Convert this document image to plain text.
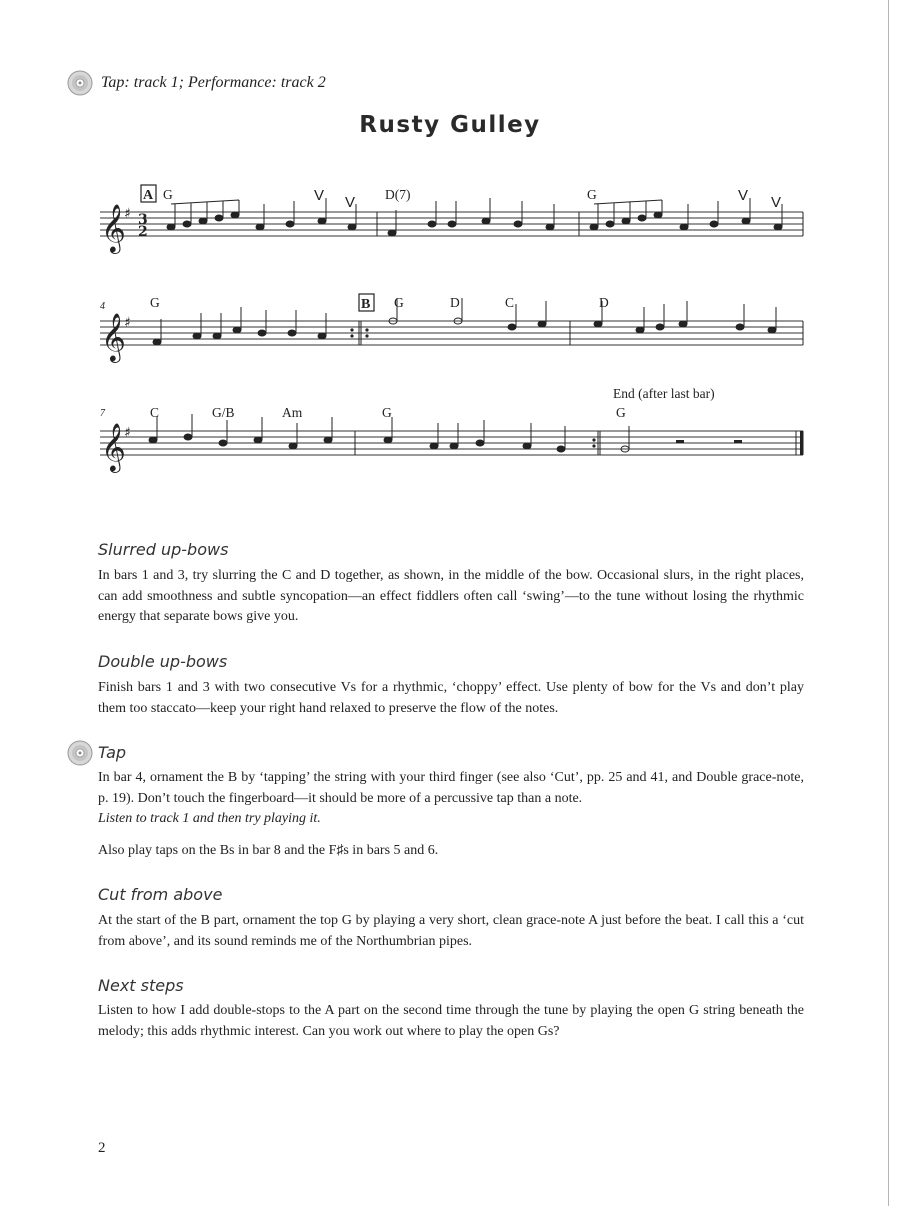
Tap: track 1; Performance: track 2
Rusty Gulley
𝄞
𝄞
𝄞
♯
♯
♯
3
2
A
B
G	D(7)	G
G	G	D	C	D
C	G/B	Am	G	G
End (after last bar)
4
7
V V	V V
Slurred up-bows

In bars 1 and 3, try slurring the C and D together, as shown, in the middle of the bow. Occasional slurs, in the right places, can add smoothness and subtle syncopation—an effect fiddlers often call ‘swing’—to the tune without losing the rhythmic energy that separate bows give you.

Double up-bows

Finish bars 1 and 3 with two consecutive Vs for a rhythmic, ‘choppy’ effect. Use plenty of bow for the Vs and don’t play them too staccato—keep your right hand relaxed to preserve the flow of the notes.

Tap

In bar 4, ornament the B by ‘tapping’ the string with your third finger (see also ‘Cut’, pp. 25 and 41, and Double grace-note, p. 19). Don’t touch the fingerboard—it should be more of a percussive tap than a note.

Listen to track 1 and then try playing it.

Also play taps on the Bs in bar 8 and the F♯s in bars 5 and 6.

Cut from above

At the start of the B part, ornament the top G by playing a very short, clean grace-note A just before the beat. I call this a ‘cut from above’, and its sound reminds me of the Northumbrian pipes.

Next steps

Listen to how I add double-stops to the A part on the second time through the tune by playing the open G string beneath the melody; this adds rhythmic interest. Can you work out where to play the open Gs?

2
